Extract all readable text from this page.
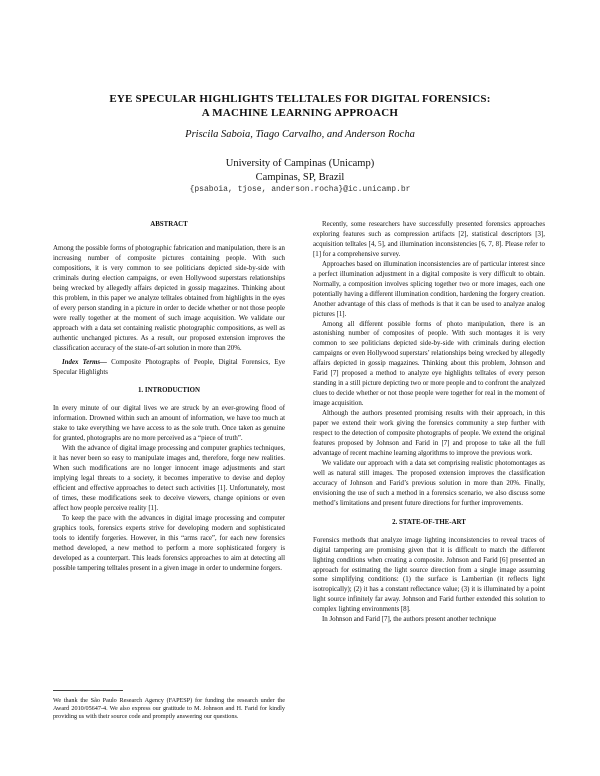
EYE SPECULAR HIGHLIGHTS TELLTALES FOR DIGITAL FORENSICS:
A MACHINE LEARNING APPROACH
Priscila Saboia, Tiago Carvalho, and Anderson Rocha
University of Campinas (Unicamp)
Campinas, SP, Brazil
{psaboia, tjose, anderson.rocha}@ic.unicamp.br
ABSTRACT

Among the possible forms of photographic fabrication and manipulation, there is an increasing number of composite pictures containing people. With such compositions, it is very common to see politicians depicted side-by-side with criminals during election campaigns, or even Hollywood superstars relationships being wrecked by allegedly affairs depicted in gossip magazines. Thinking about this problem, in this paper we analyze telltales obtained from highlights in the eyes of every person standing in a picture in order to decide whether or not those people were really together at the moment of such image acquisition. We validate our approach with a data set containing realistic photographic compositions, as well as authentic unchanged pictures. As a result, our proposed extension improves the classification accuracy of the state-of-art solution in more than 20%.

Index Terms— Composite Photographs of People, Digital Forensics, Eye Specular Highlights

1. INTRODUCTION

In every minute of our digital lives we are struck by an ever-growing flood of information. Drowned within such an amount of information, we have too much at stake to take everything we have access to as the sole truth. Once taken as genuine for granted, photographs are no more perceived as a “piece of truth”.

With the advance of digital image processing and computer graphics techniques, it has never been so easy to manipulate images and, therefore, forge new realities. When such modifications are no longer innocent image adjustments and start implying legal threats to a society, it becomes imperative to devise and deploy efficient and effective approaches to detect such activities [1]. Unfortunately, most of times, these modifications seek to deceive viewers, change opinions or even affect how people perceive reality [1].

To keep the pace with the advances in digital image processing and computer graphics tools, forensics experts strive for developing modern and sophisticated tools to identify forgeries. However, in this “arms race”, for each new forensics method developed, a new method to perform a more sophisticated forgery is developed as a counterpart. This leads forensics approaches to aim at detecting all possible tampering telltales present in a given image in order to undermine forgers.

We thank the São Paulo Research Agency (FAPESP) for funding the research under the Award 2010/05647-4. We also express our gratitude to M. Johnson and H. Farid for kindly providing us with their source code and promptly answering our questions.

Recently, some researchers have successfully presented forensics approaches exploring features such as compression artifacts [2], statistical descriptors [3], acquisition telltales [4, 5], and illumination inconsistencies [6, 7, 8]. Please refer to [1] for a comprehensive survey.

Approaches based on illumination inconsistencies are of particular interest since a perfect illumination adjustment in a digital composite is very difficult to obtain. Normally, a composition involves splicing together two or more images, each one potentially having a different illumination condition, hardening the forgery creation. Another advantage of this class of methods is that it can be used to analyze analog pictures [1].

Among all different possible forms of photo manipulation, there is an astonishing number of composites of people. With such montages it is very common to see politicians depicted side-by-side with criminals during election campaigns or even Hollywood superstars’ relationships being wrecked by allegedly affairs depicted in gossip magazines. Thinking about this problem, Johnson and Farid [7] proposed a method to analyze eye highlights telltales of every person standing in a still picture depicting two or more people and to confront the analyzed clues to decide whether or not those people were together for real in the moment of image acquisition.

Although the authors presented promising results with their approach, in this paper we extend their work giving the forensics community a step further with respect to the detection of composite photographs of people. We extend the original features proposed by Johnson and Farid in [7] and propose to take all the full advantage of recent machine learning algorithms to improve the previous work.

We validate our approach with a data set comprising realistic photomontages as well as natural still images. The proposed extension improves the classification accuracy of Johnson and Farid’s previous solution in more than 20%. Finally, envisioning the use of such a method in a forensics scenario, we also discuss some method’s limitations and present future directions for further improvements.

2. STATE-OF-THE-ART

Forensics methods that analyze image lighting inconsistencies to reveal traces of digital tampering are promising given that it is difficult to match the different lighting conditions when creating a composite. Johnson and Farid [6] presented an approach for estimating the light source direction from a single image assuming some simplifying conditions: (1) the surface is Lambertian (it reflects light isotropically); (2) it has a constant reflectance value; (3) it is illuminated by a point light source infinitely far away. Johnson and Farid further extended this solution to complex lighting environments [8].

In Johnson and Farid [7], the authors present another technique
